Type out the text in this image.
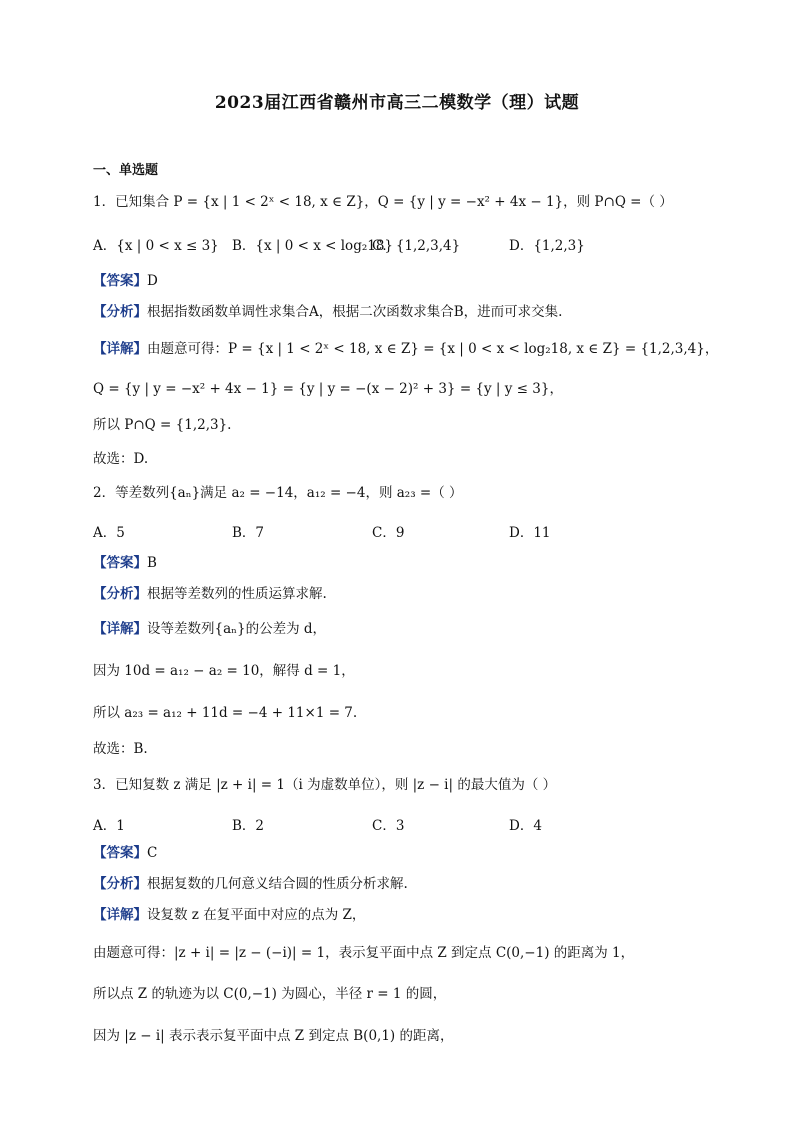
2023届江西省赣州市高三二模数学（理）试题
一、单选题
1．已知集合 P = {x | 1 < 2ˣ < 18, x ∈ Z}，Q = {y | y = −x² + 4x − 1}，则 P∩Q =（ ）
A．{x | 0 < x ≤ 3} B．{x | 0 < x < log₂18}
C．{1,2,3,4}	D．{1,2,3}
【答案】D
【分析】根据指数函数单调性求集合A，根据二次函数求集合B，进而可求交集.
【详解】由题意可得：P = {x | 1 < 2ˣ < 18, x ∈ Z} = {x | 0 < x < log₂18, x ∈ Z} = {1,2,3,4}，
Q = {y | y = −x² + 4x − 1} = {y | y = −(x − 2)² + 3} = {y | y ≤ 3}，
所以 P∩Q = {1,2,3}.
故选：D.
2．等差数列{aₙ}满足 a₂ = −14，a₁₂ = −4，则 a₂₃ =（ ）
A．5	B．7	C．9	D．11
【答案】B
【分析】根据等差数列的性质运算求解.
【详解】设等差数列{aₙ}的公差为 d，
因为 10d = a₁₂ − a₂ = 10，解得 d = 1，
所以 a₂₃ = a₁₂ + 11d = −4 + 11×1 = 7.
故选：B.
3．已知复数 z 满足 |z + i| = 1（i 为虚数单位），则 |z − i| 的最大值为（ ）
A．1	B．2	C．3	D．4
【答案】C
【分析】根据复数的几何意义结合圆的性质分析求解.
【详解】设复数 z 在复平面中对应的点为 Z，
由题意可得：|z + i| = |z − (−i)| = 1，表示复平面中点 Z 到定点 C(0,−1) 的距离为 1，
所以点 Z 的轨迹为以 C(0,−1) 为圆心，半径 r = 1 的圆，
因为 |z − i| 表示表示复平面中点 Z 到定点 B(0,1) 的距离，
